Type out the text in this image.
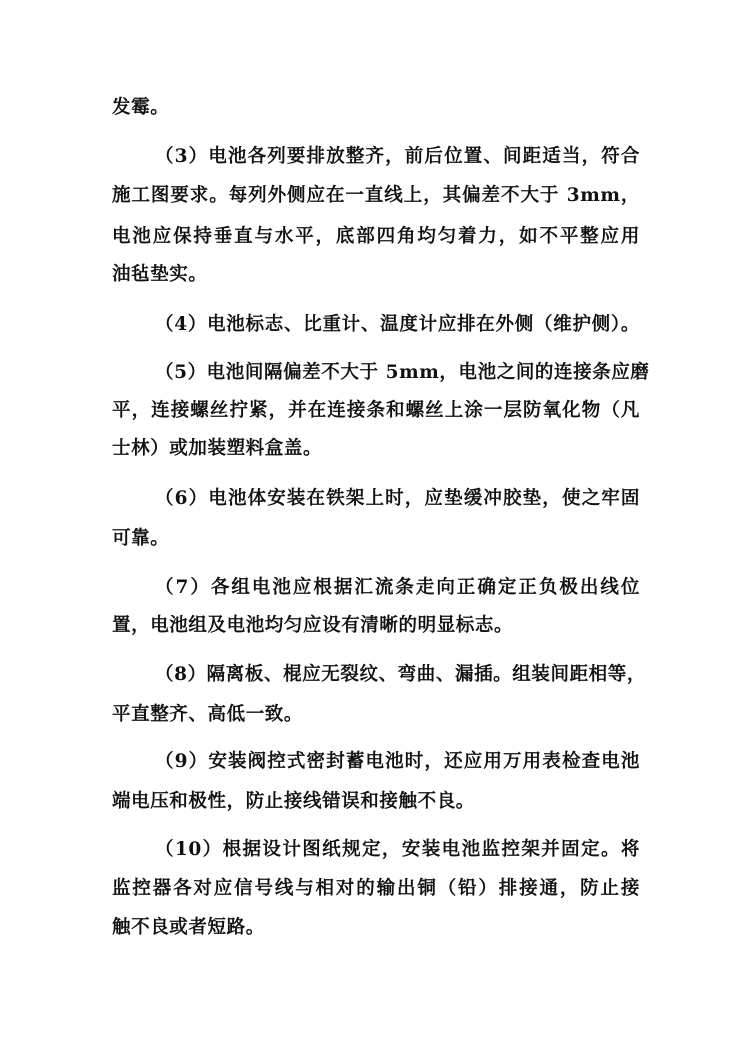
发霉。
（3）电池各列要排放整齐，前后位置、间距适当，符合
施工图要求。每列外侧应在一直线上，其偏差不大于 3mm，
电池应保持垂直与水平，底部四角均匀着力，如不平整应用
油毡垫实。
（4）电池标志、比重计、温度计应排在外侧（维护侧）。
（5）电池间隔偏差不大于 5mm，电池之间的连接条应磨
平，连接螺丝拧紧，并在连接条和螺丝上涂一层防氧化物（凡
士林）或加装塑料盒盖。
（6）电池体安装在铁架上时，应垫缓冲胶垫，使之牢固
可靠。
（7）各组电池应根据汇流条走向正确定正负极出线位
置，电池组及电池均匀应设有清晰的明显标志。
（8）隔离板、棍应无裂纹、弯曲、漏插。组装间距相等，
平直整齐、高低一致。
（9）安装阀控式密封蓄电池时，还应用万用表检查电池
端电压和极性，防止接线错误和接触不良。
（10）根据设计图纸规定，安装电池监控架并固定。将
监控器各对应信号线与相对的输出铜（铅）排接通，防止接
触不良或者短路。
